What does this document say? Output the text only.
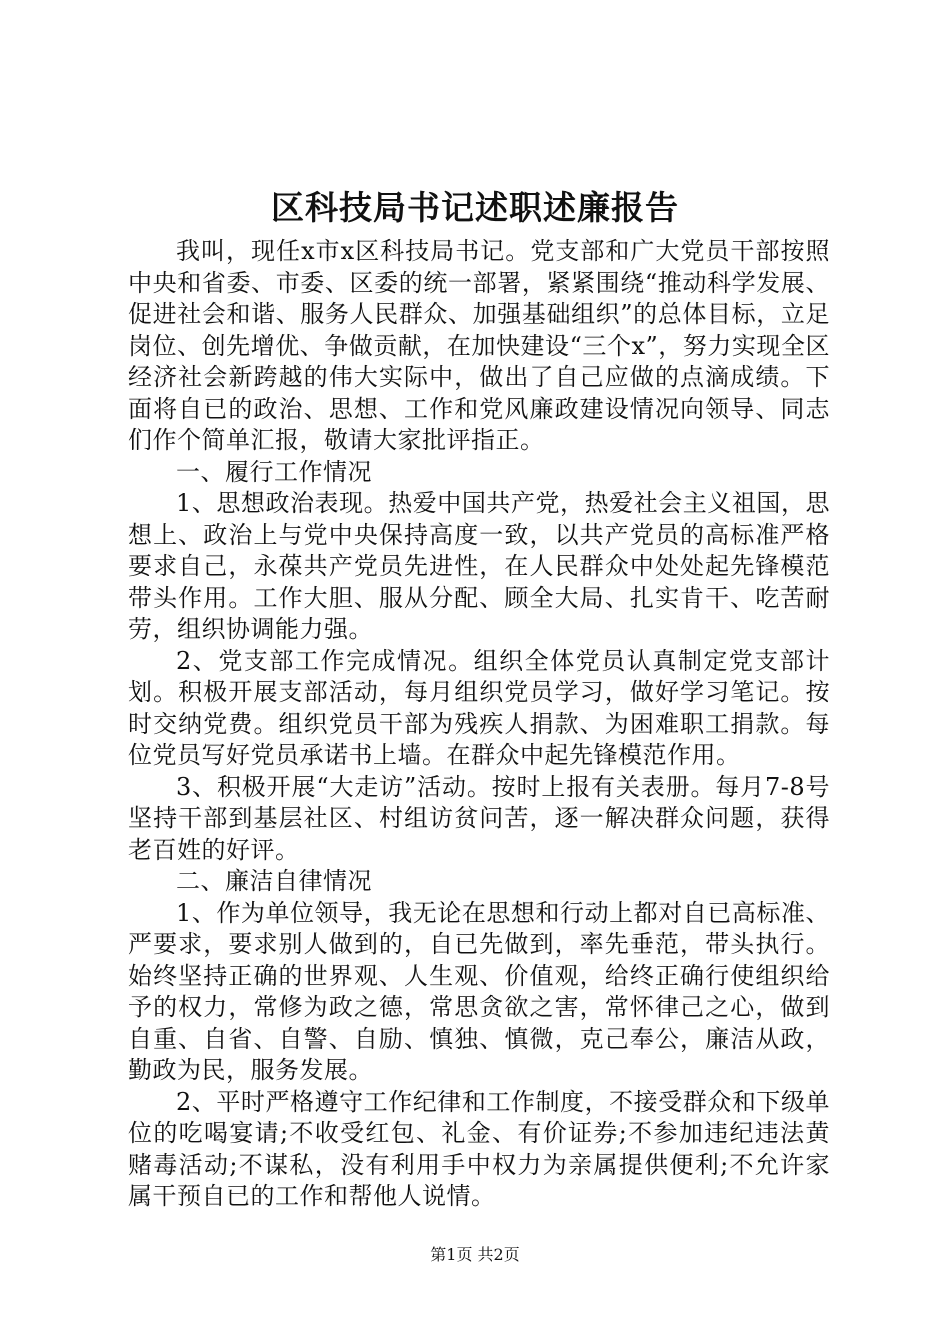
区科技局书记述职述廉报告

我叫，现任x市x区科技局书记。党支部和广大党员干部按照中央和省委、市委、区委的统一部署，紧紧围绕“推动科学发展、促进社会和谐、服务人民群众、加强基础组织”的总体目标，立足岗位、创先增优、争做贡献，在加快建设“三个x”，努力实现全区经济社会新跨越的伟大实际中，做出了自己应做的点滴成绩。下面将自已的政治、思想、工作和党风廉政建设情况向领导、同志们作个简单汇报，敬请大家批评指正。

一、履行工作情况

1、思想政治表现。热爱中国共产党，热爱社会主义祖国，思想上、政治上与党中央保持高度一致，以共产党员的高标准严格要求自己，永葆共产党员先进性，在人民群众中处处起先锋模范带头作用。工作大胆、服从分配、顾全大局、扎实肯干、吃苦耐劳，组织协调能力强。

2、党支部工作完成情况。组织全体党员认真制定党支部计划。积极开展支部活动，每月组织党员学习，做好学习笔记。按时交纳党费。组织党员干部为残疾人捐款、为困难职工捐款。每位党员写好党员承诺书上墙。在群众中起先锋模范作用。

3、积极开展“大走访”活动。按时上报有关表册。每月7-8号坚持干部到基层社区、村组访贫问苦，逐一解决群众问题，获得老百姓的好评。

二、廉洁自律情况

1、作为单位领导，我无论在思想和行动上都对自已高标准、严要求，要求别人做到的，自已先做到，率先垂范，带头执行。始终坚持正确的世界观、人生观、价值观，给终正确行使组织给予的权力，常修为政之德，常思贪欲之害，常怀律己之心，做到自重、自省、自警、自励、慎独、慎微，克己奉公，廉洁从政，勤政为民，服务发展。

2、平时严格遵守工作纪律和工作制度，不接受群众和下级单位的吃喝宴请;不收受红包、礼金、有价证券;不参加违纪违法黄赌毒活动;不谋私，没有利用手中权力为亲属提供便利;不允许家属干预自已的工作和帮他人说情。

第1页 共2页
